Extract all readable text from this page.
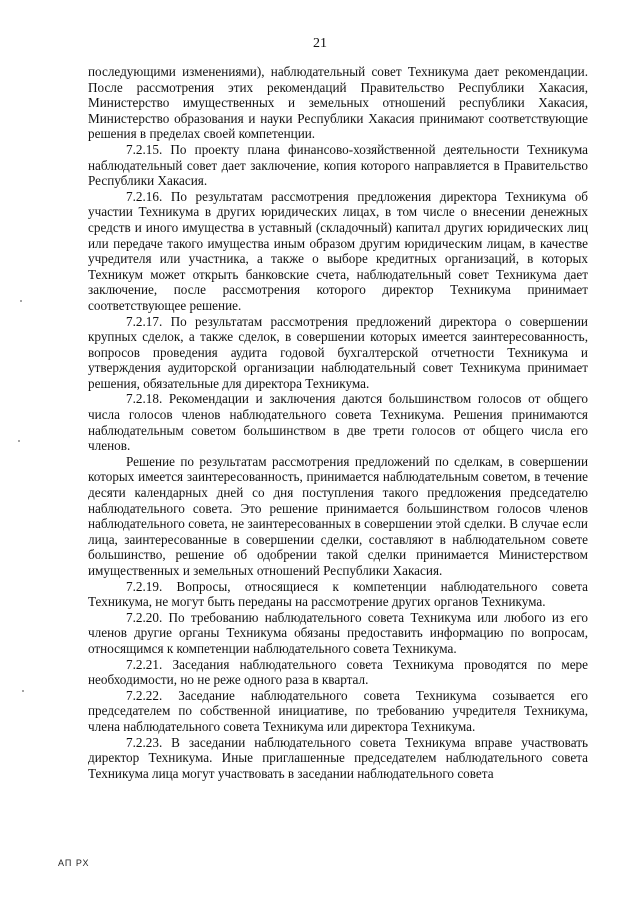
21

последующими изменениями), наблюдательный совет Техникума дает рекомендации. После рассмотрения этих рекомендаций Правительство Республики Хакасия, Министерство имущественных и земельных отношений республики Хакасия, Министерство образования и науки Республики Хакасия принимают соответствующие решения в пределах своей компетенции.

7.2.15. По проекту плана финансово-хозяйственной деятельности Техникума наблюдательный совет дает заключение, копия которого направляется в Правительство Республики Хакасия.

7.2.16. По результатам рассмотрения предложения директора Техникума об участии Техникума в других юридических лицах, в том числе о внесении денежных средств и иного имущества в уставный (складочный) капитал других юридических лиц или передаче такого имущества иным образом другим юридическим лицам, в качестве учредителя или участника, а также о выборе кредитных организаций, в которых Техникум может открыть банковские счета, наблюдательный совет Техникума дает заключение, после рассмотрения которого директор Техникума принимает соответствующее решение.

7.2.17. По результатам рассмотрения предложений директора о совершении крупных сделок, а также сделок, в совершении которых имеется заинтересованность, вопросов проведения аудита годовой бухгалтерской отчетности Техникума и утверждения аудиторской организации наблюдательный совет Техникума принимает решения, обязательные для директора Техникума.

7.2.18. Рекомендации и заключения даются большинством голосов от общего числа голосов членов наблюдательного совета Техникума. Решения принимаются наблюдательным советом большинством в две трети голосов от общего числа его членов.

Решение по результатам рассмотрения предложений по сделкам, в совершении которых имеется заинтересованность, принимается наблюдательным советом, в течение десяти календарных дней со дня поступления такого предложения председателю наблюдательного совета. Это решение принимается большинством голосов членов наблюдательного совета, не заинтересованных в совершении этой сделки. В случае если лица, заинтересованные в совершении сделки, составляют в наблюдательном совете большинство, решение об одобрении такой сделки принимается Министерством имущественных и земельных отношений Республики Хакасия.

7.2.19. Вопросы, относящиеся к компетенции наблюдательного совета Техникума, не могут быть переданы на рассмотрение других органов Техникума.

7.2.20. По требованию наблюдательного совета Техникума или любого из его членов другие органы Техникума обязаны предоставить информацию по вопросам, относящимся к компетенции наблюдательного совета Техникума.

7.2.21. Заседания наблюдательного совета Техникума проводятся по мере необходимости, но не реже одного раза в квартал.

7.2.22. Заседание наблюдательного совета Техникума созывается его председателем по собственной инициативе, по требованию учредителя Техникума, члена наблюдательного совета Техникума или директора Техникума.

7.2.23. В заседании наблюдательного совета Техникума вправе участвовать директор Техникума. Иные приглашенные председателем наблюдательного совета Техникума лица могут участвовать в заседании наблюдательного совета

АП РХ
